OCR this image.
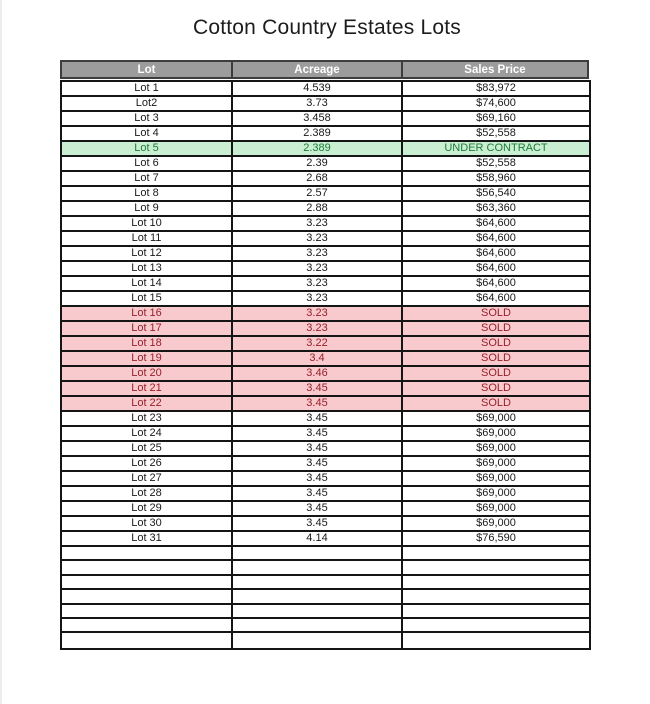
Cotton Country Estates Lots
Lot	Acreage	Sales Price
Lot 1	4.539	$83,972
Lot2	3.73	$74,600
Lot 3	3.458	$69,160
Lot 4	2.389	$52,558
Lot 5	2.389	UNDER CONTRACT
Lot 6	2.39	$52,558
Lot 7	2.68	$58,960
Lot 8	2.57	$56,540
Lot 9	2.88	$63,360
Lot 10	3.23	$64,600
Lot 11	3.23	$64,600
Lot 12	3.23	$64,600
Lot 13	3.23	$64,600
Lot 14	3.23	$64,600
Lot 15	3.23	$64,600
Lot 16	3.23	SOLD
Lot 17	3.23	SOLD
Lot 18	3.22	SOLD
Lot 19	3.4	SOLD
Lot 20	3.46	SOLD
Lot 21	3.45	SOLD
Lot 22	3.45	SOLD
Lot 23	3.45	$69,000
Lot 24	3.45	$69,000
Lot 25	3.45	$69,000
Lot 26	3.45	$69,000
Lot 27	3.45	$69,000
Lot 28	3.45	$69,000
Lot 29	3.45	$69,000
Lot 30	3.45	$69,000
Lot 31	4.14	$76,590
